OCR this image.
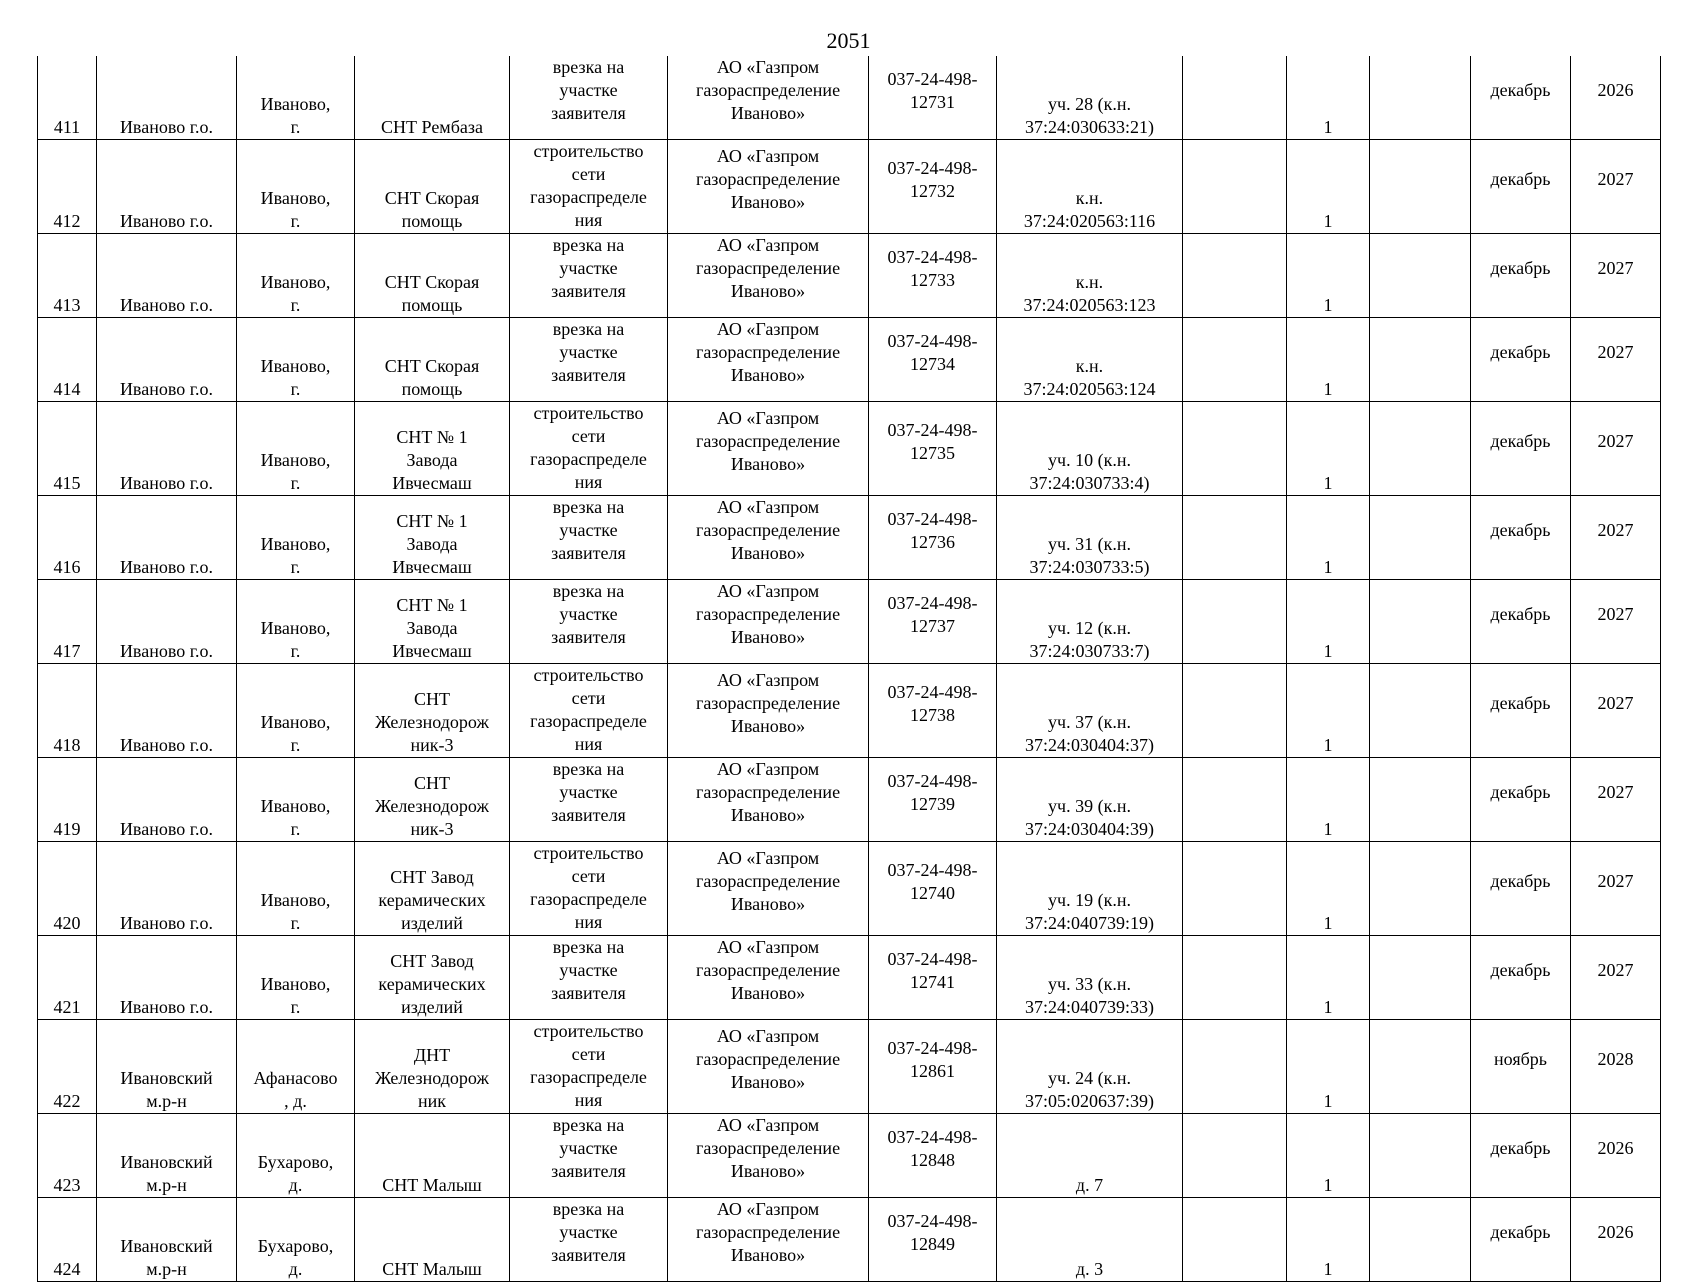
2051
411	Иваново г.о.	Иваново,
г.	СНТ Рембаза	врезка на
участке
заявителя	АО «Газпром
газораспределение
Иваново»	037-24-498-
12731	уч. 28 (к.н.
37:24:030633:21)		1		декабрь	2026
412	Иваново г.о.	Иваново,
г.	СНТ Скорая
помощь	строительство
сети
газораспределе
ния	АО «Газпром
газораспределение
Иваново»	037-24-498-
12732	к.н.
37:24:020563:116		1		декабрь	2027
413	Иваново г.о.	Иваново,
г.	СНТ Скорая
помощь	врезка на
участке
заявителя	АО «Газпром
газораспределение
Иваново»	037-24-498-
12733	к.н.
37:24:020563:123		1		декабрь	2027
414	Иваново г.о.	Иваново,
г.	СНТ Скорая
помощь	врезка на
участке
заявителя	АО «Газпром
газораспределение
Иваново»	037-24-498-
12734	к.н.
37:24:020563:124		1		декабрь	2027
415	Иваново г.о.	Иваново,
г.	СНТ № 1
Завода
Ивчесмаш	строительство
сети
газораспределе
ния	АО «Газпром
газораспределение
Иваново»	037-24-498-
12735	уч. 10 (к.н.
37:24:030733:4)		1		декабрь	2027
416	Иваново г.о.	Иваново,
г.	СНТ № 1
Завода
Ивчесмаш	врезка на
участке
заявителя	АО «Газпром
газораспределение
Иваново»	037-24-498-
12736	уч. 31 (к.н.
37:24:030733:5)		1		декабрь	2027
417	Иваново г.о.	Иваново,
г.	СНТ № 1
Завода
Ивчесмаш	врезка на
участке
заявителя	АО «Газпром
газораспределение
Иваново»	037-24-498-
12737	уч. 12 (к.н.
37:24:030733:7)		1		декабрь	2027
418	Иваново г.о.	Иваново,
г.	СНТ
Железнодорож
ник-3	строительство
сети
газораспределе
ния	АО «Газпром
газораспределение
Иваново»	037-24-498-
12738	уч. 37 (к.н.
37:24:030404:37)		1		декабрь	2027
419	Иваново г.о.	Иваново,
г.	СНТ
Железнодорож
ник-3	врезка на
участке
заявителя	АО «Газпром
газораспределение
Иваново»	037-24-498-
12739	уч. 39 (к.н.
37:24:030404:39)		1		декабрь	2027
420	Иваново г.о.	Иваново,
г.	СНТ Завод
керамических
изделий	строительство
сети
газораспределе
ния	АО «Газпром
газораспределение
Иваново»	037-24-498-
12740	уч. 19 (к.н.
37:24:040739:19)		1		декабрь	2027
421	Иваново г.о.	Иваново,
г.	СНТ Завод
керамических
изделий	врезка на
участке
заявителя	АО «Газпром
газораспределение
Иваново»	037-24-498-
12741	уч. 33 (к.н.
37:24:040739:33)		1		декабрь	2027
422	Ивановский
м.р-н	Афанасово
, д.	ДНТ
Железнодорож
ник	строительство
сети
газораспределе
ния	АО «Газпром
газораспределение
Иваново»	037-24-498-
12861	уч. 24 (к.н.
37:05:020637:39)		1		ноябрь	2028
423	Ивановский
м.р-н	Бухарово,
д.	СНТ Малыш	врезка на
участке
заявителя	АО «Газпром
газораспределение
Иваново»	037-24-498-
12848	д. 7		1		декабрь	2026
424	Ивановский
м.р-н	Бухарово,
д.	СНТ Малыш	врезка на
участке
заявителя	АО «Газпром
газораспределение
Иваново»	037-24-498-
12849	д. 3		1		декабрь	2026
